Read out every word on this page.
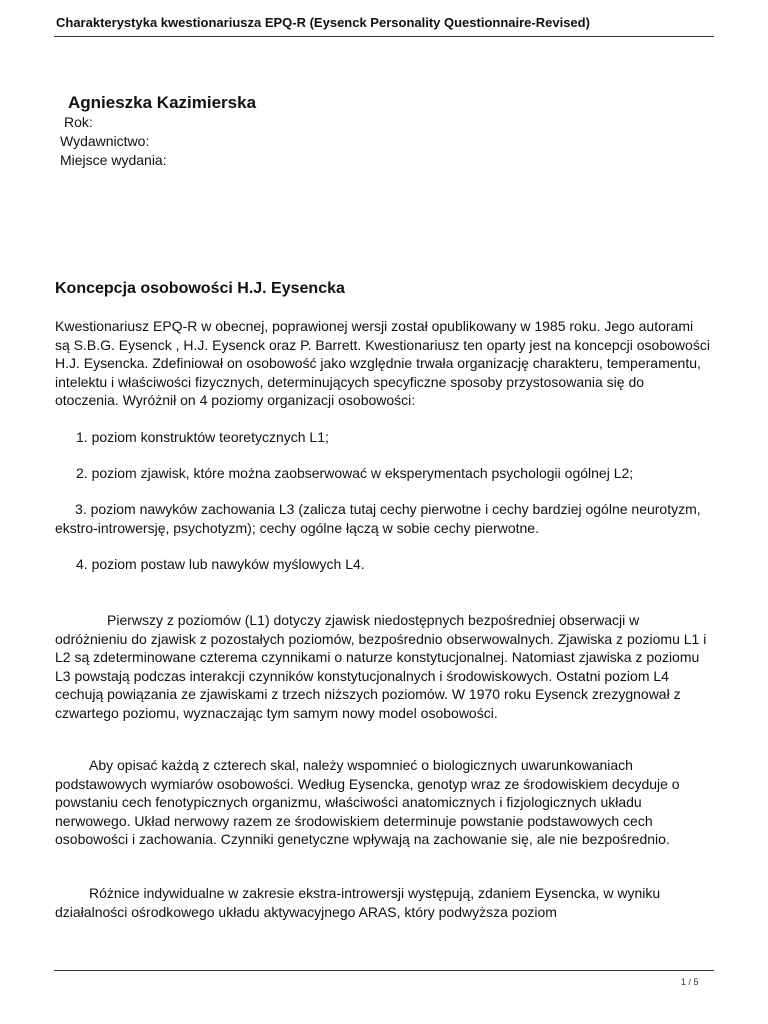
Charakterystyka kwestionariusza EPQ-R (Eysenck Personality Questionnaire-Revised)
Agnieszka Kazimierska
Rok:
Wydawnictwo:
Miejsce wydania:
Koncepcja osobowości H.J. Eysencka

Kwestionariusz EPQ-R w obecnej, poprawionej wersji został opublikowany w 1985 roku. Jego autorami są S.B.G. Eysenck , H.J. Eysenck oraz P. Barrett. Kwestionariusz ten oparty jest na koncepcji osobowości H.J. Eysencka. Zdefiniował on osobowość jako względnie trwała organizację charakteru, temperamentu, intelektu i właściwości fizycznych, determinujących specyficzne sposoby przystosowania się do otoczenia. Wyróżnił on 4 poziomy organizacji osobowości:

1. poziom konstruktów teoretycznych L1;
2. poziom zjawisk, które można zaobserwować w eksperymentach psychologii ogólnej L2;
3. poziom nawyków zachowania L3 (zalicza tutaj cechy pierwotne i cechy bardziej ogólne neurotyzm, ekstro-introwersję, psychotyzm); cechy ogólne łączą w sobie cechy pierwotne.
4. poziom postaw lub nawyków myślowych L4.

Pierwszy z poziomów (L1) dotyczy zjawisk niedostępnych bezpośredniej obserwacji w odróżnieniu do zjawisk z pozostałych poziomów, bezpośrednio obserwowalnych. Zjawiska z poziomu L1 i L2 są zdeterminowane czterema czynnikami o naturze konstytucjonalnej. Natomiast zjawiska z poziomu L3 powstają podczas interakcji czynników konstytucjonalnych i środowiskowych. Ostatni poziom L4 cechują powiązania ze zjawiskami z trzech niższych poziomów. W 1970 roku Eysenck zrezygnował z czwartego poziomu, wyznaczając tym samym nowy model osobowości.

Aby opisać każdą z czterech skal, należy wspomnieć o biologicznych uwarunkowaniach podstawowych wymiarów osobowości. Według Eysencka, genotyp wraz ze środowiskiem decyduje o powstaniu cech fenotypicznych organizmu, właściwości anatomicznych i fizjologicznych układu nerwowego. Układ nerwowy razem ze środowiskiem determinuje powstanie podstawowych cech osobowości i zachowania. Czynniki genetyczne wpływają na zachowanie się, ale nie bezpośrednio.

Różnice indywidualne w zakresie ekstra-introwersji występują, zdaniem Eysencka, w wyniku działalności ośrodkowego układu aktywacyjnego ARAS, który podwyższa poziom

1 / 5
